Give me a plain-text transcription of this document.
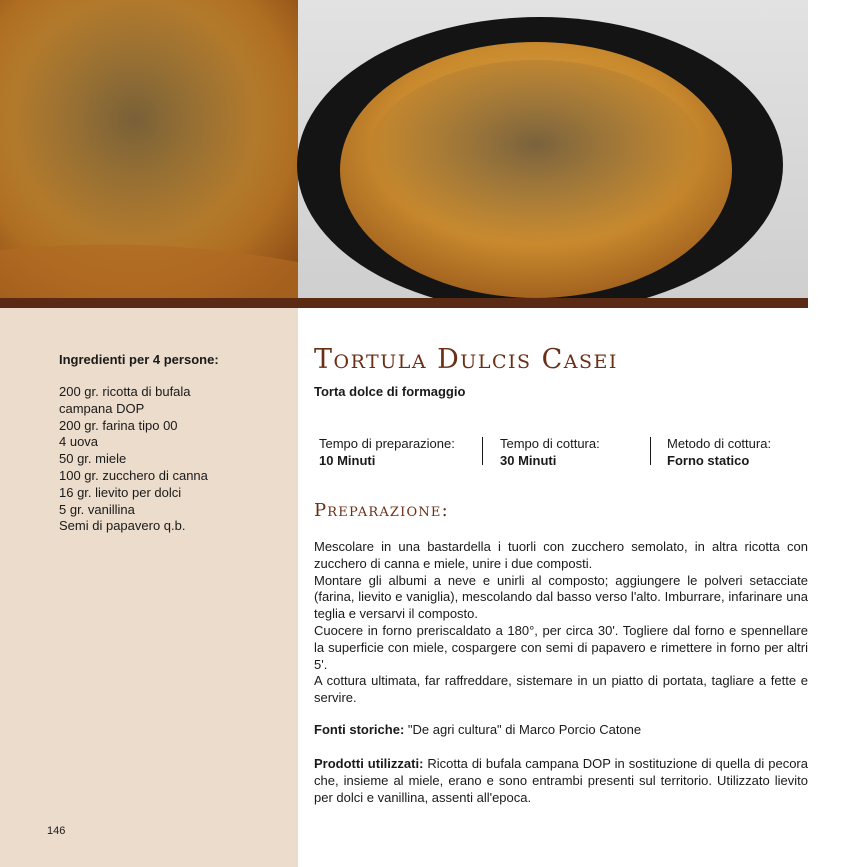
Ingredienti per 4 persone:
200 gr. ricotta di bufala
campana DOP
200 gr. farina tipo 00
4 uova
50 gr. miele
100 gr. zucchero di canna
16 gr. lievito per dolci
5 gr. vanillina
Semi di papavero q.b.
146
Tortula Dulcis Casei
Torta dolce di formaggio
Tempo di preparazione:
10 Minuti
Tempo di cottura:
30 Minuti
Metodo di cottura:
Forno statico
Preparazione:

Mescolare in una bastardella i tuorli con zucchero semolato, in altra ricotta con zucchero di canna e miele, unire i due composti.

Montare gli albumi a neve e unirli al composto; aggiungere le polveri setacciate (farina, lievito e vaniglia), mescolando dal basso verso l'alto. Imburrare, infarinare una teglia e versarvi il composto.

Cuocere in forno preriscaldato a 180°, per circa 30'. Togliere dal forno e spennellare la superficie con miele, cospargere con semi di papavero e rimettere in forno per altri 5'.

A cottura ultimata, far raffreddare, sistemare in un piatto di portata, tagliare a fette e servire.

Fonti storiche: "De agri cultura" di Marco Porcio Catone
Prodotti utilizzati: Ricotta di bufala campana DOP in sostituzione di quella di pecora che, insieme al miele, erano e sono entrambi presenti sul territorio. Utilizzato lievito per dolci e vanillina, assenti all'epoca.
